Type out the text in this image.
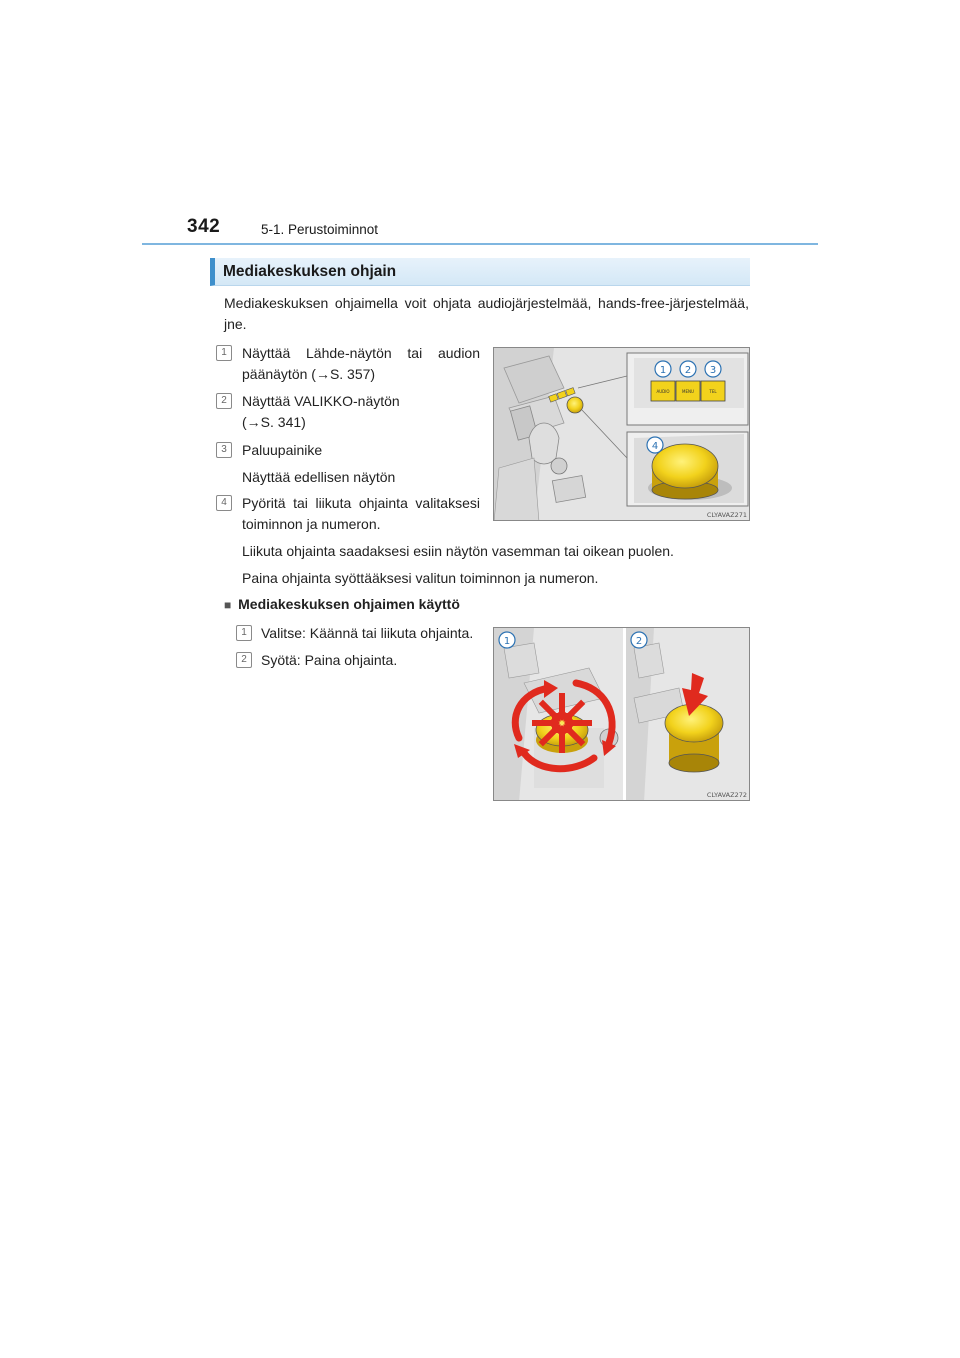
342	5-1. Perustoiminnot
Mediakeskuksen ohjain
Mediakeskuksen ohjaimella voit ohjata audiojärjestelmää, hands-free-järjestelmää,
jne.
1	Näyttää Lähde-näytön tai audion
päänäytön (→S. 357)
2	Näyttää VALIKKO-näytön
(→S. 341)
3	Paluupainike
Näyttää edellisen näytön
4	Pyöritä tai liikuta ohjainta valitaksesi
toiminnon ja numeron.
Liikuta ohjainta saadaksesi esiin näytön vasemman tai oikean puolen.
Paina ohjainta syöttääksesi valitun toiminnon ja numeron.
■ Mediakeskuksen ohjaimen käyttö
1	Valitse: Käännä tai liikuta ohjainta.
2	Syötä: Paina ohjainta.
AUDIO	MENU	TEL
1 2 3
4
CLYAVAZ271
1	2
CLYAVAZ272
